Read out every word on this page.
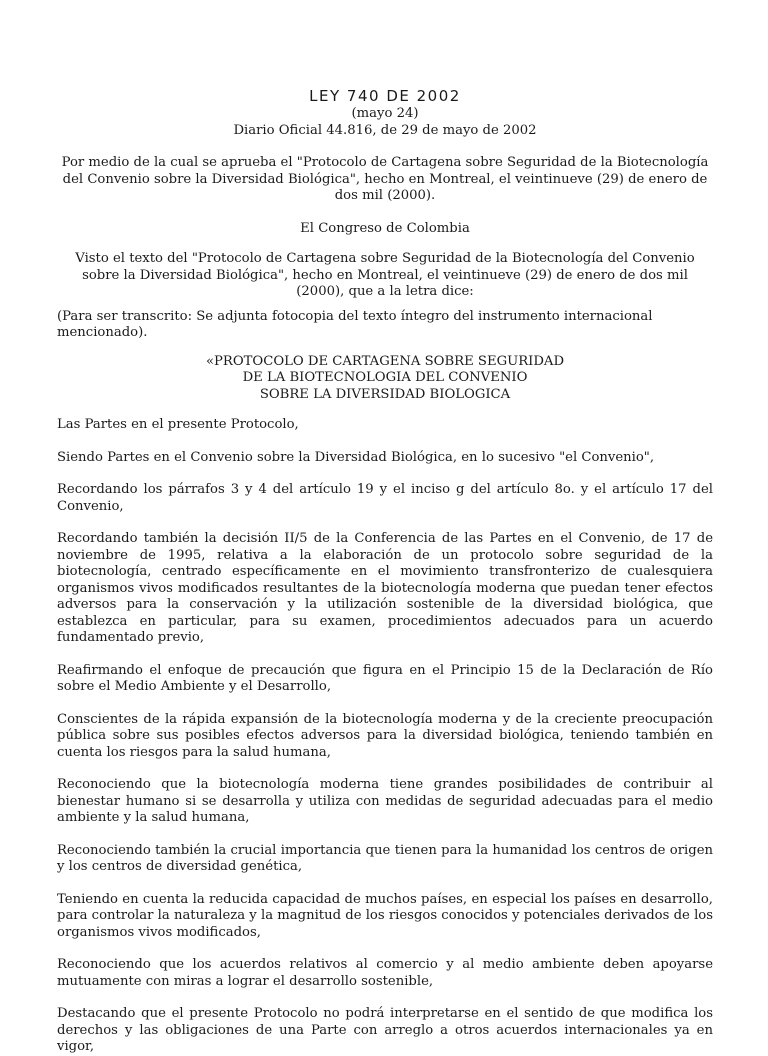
LEY 740 DE 2002

(mayo 24)

Diario Oficial 44.816, de 29 de mayo de 2002

Por medio de la cual se aprueba el "Protocolo de Cartagena sobre Seguridad de la Biotecnología del Convenio sobre la Diversidad Biológica", hecho en Montreal, el veintinueve (29) de enero de dos mil (2000).

El Congreso de Colombia

Visto el texto del "Protocolo de Cartagena sobre Seguridad de la Biotecnología del Convenio sobre la Diversidad Biológica", hecho en Montreal, el veintinueve (29) de enero de dos mil (2000), que a la letra dice:

(Para ser transcrito: Se adjunta fotocopia del texto íntegro del instrumento internacional mencionado).

«PROTOCOLO DE CARTAGENA SOBRE SEGURIDAD

DE LA BIOTECNOLOGIA DEL CONVENIO

SOBRE LA DIVERSIDAD BIOLOGICA

Las Partes en el presente Protocolo,

Siendo Partes en el Convenio sobre la Diversidad Biológica, en lo sucesivo "el Convenio",

Recordando los párrafos 3 y 4 del artículo 19 y el inciso g del artículo 8o. y el artículo 17 del Convenio,

Recordando también la decisión II/5 de la Conferencia de las Partes en el Convenio, de 17 de noviembre de 1995, relativa a la elaboración de un protocolo sobre seguridad de la biotecnología, centrado específicamente en el movimiento transfronterizo de cualesquiera organismos vivos modificados resultantes de la biotecnología moderna que puedan tener efectos adversos para la conservación y la utilización sostenible de la diversidad biológica, que establezca en particular, para su examen, procedimientos adecuados para un acuerdo fundamentado previo,

Reafirmando el enfoque de precaución que figura en el Principio 15 de la Declaración de Río sobre el Medio Ambiente y el Desarrollo,

Conscientes de la rápida expansión de la biotecnología moderna y de la creciente preocupación pública sobre sus posibles efectos adversos para la diversidad biológica, teniendo también en cuenta los riesgos para la salud humana,

Reconociendo que la biotecnología moderna tiene grandes posibilidades de contribuir al bienestar humano si se desarrolla y utiliza con medidas de seguridad adecuadas para el medio ambiente y la salud humana,

Reconociendo también la crucial importancia que tienen para la humanidad los centros de origen y los centros de diversidad genética,

Teniendo en cuenta la reducida capacidad de muchos países, en especial los países en desarrollo, para controlar la naturaleza y la magnitud de los riesgos conocidos y potenciales derivados de los organismos vivos modificados,

Reconociendo que los acuerdos relativos al comercio y al medio ambiente deben apoyarse mutuamente con miras a lograr el desarrollo sostenible,

Destacando que el presente Protocolo no podrá interpretarse en el sentido de que modifica los derechos y las obligaciones de una Parte con arreglo a otros acuerdos internacionales ya en vigor,
